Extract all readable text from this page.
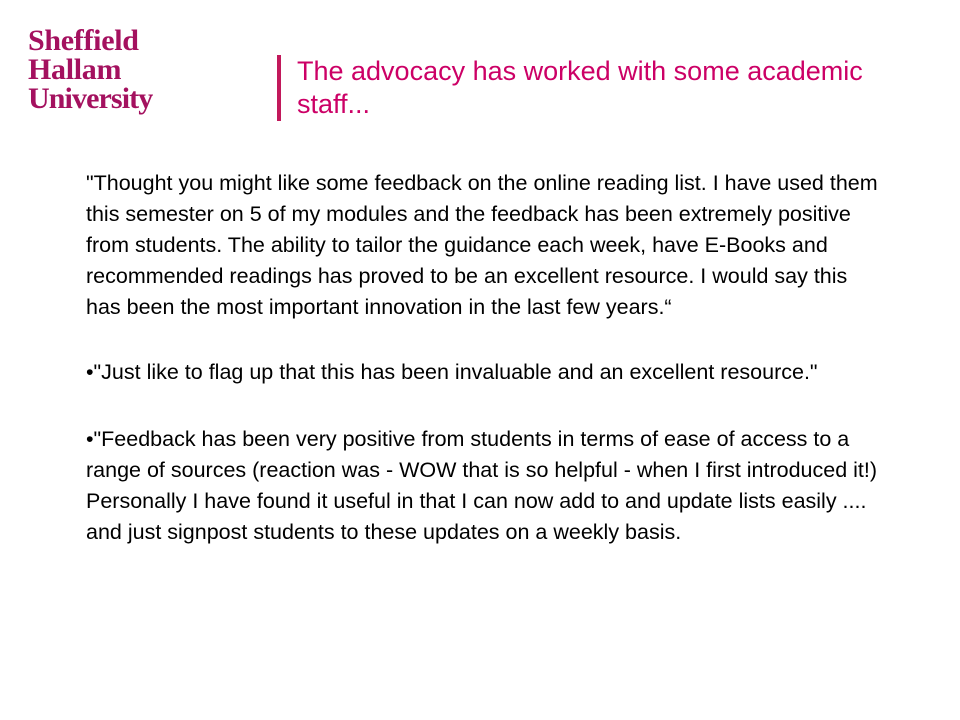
Sheffield
Hallam
University
The advocacy has worked with some academic staff...

"Thought you might like some feedback on the online reading list. I have used them this semester on 5 of my modules and the feedback has been extremely positive from students. The ability to tailor the guidance each week, have E-Books and recommended readings has proved to be an excellent resource. I would say this has been the most important innovation in the last few years.“

•"Just like to flag up that this has been invaluable and an excellent resource."

•"Feedback has been very positive from students in terms of ease of access to a range of sources (reaction was - WOW that is so helpful - when I first introduced it!) Personally I have found it useful in that I can now add to and update lists easily .... and just signpost students to these updates on a weekly basis.
